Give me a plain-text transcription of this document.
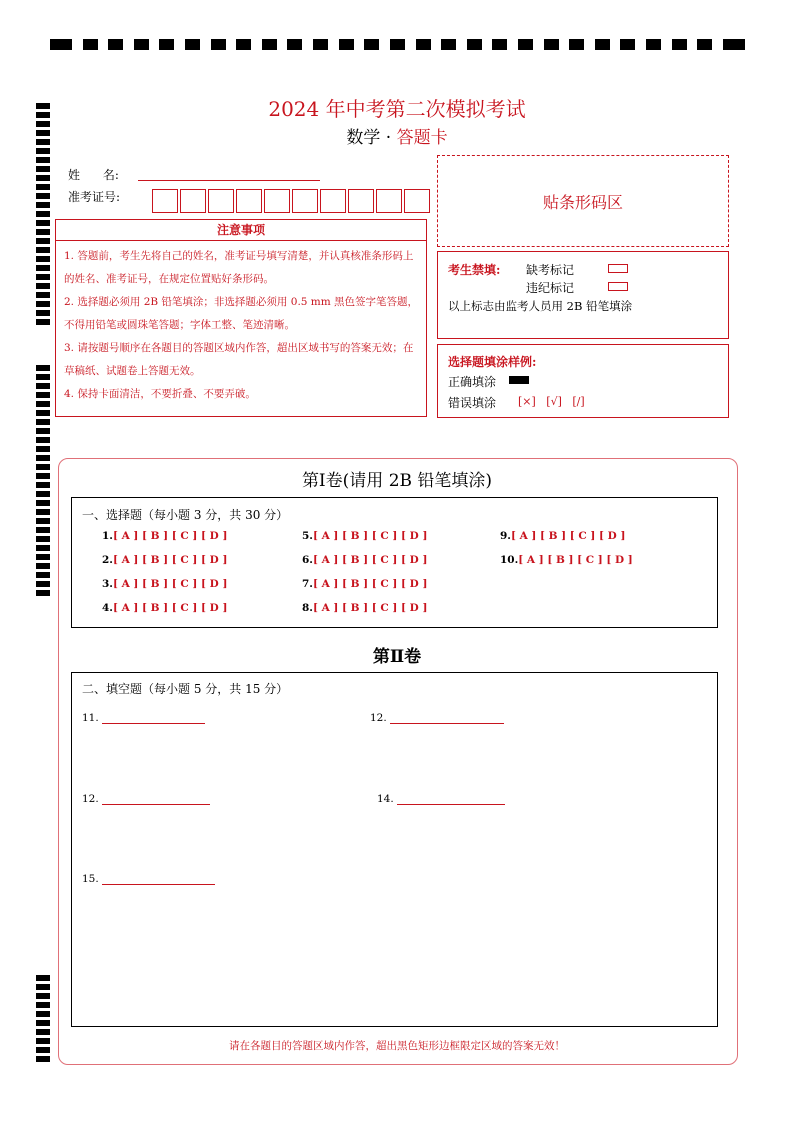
2024 年中考第二次模拟考试
数学 · 答题卡
姓      名:
准考证号:	贴条形码区
注意事项
1. 答题前，考生先将自己的姓名，准考证号填写清楚，并认真核准条形码上的姓名、准考证号，在规定位置贴好条形码。
2. 选择题必须用 2B 铅笔填涂；非选择题必须用 0.5 mm 黑色签字笔答题，不得用铅笔或圆珠笔答题；字体工整、笔迹清晰。
3. 请按题号顺序在各题目的答题区域内作答，超出区域书写的答案无效；在草稿纸、试题卷上答题无效。
4. 保持卡面清洁，不要折叠、不要弄破。
考生禁填: 缺考标记
违纪标记
以上标志由监考人员用 2B 铅笔填涂
选择题填涂样例:
正确填涂
错误填涂 [×]   [√]   [/]
第Ⅰ卷(请用 2B 铅笔填涂)
一、选择题（每小题 3 分，共 30 分）
1.[ A ] [ B ] [ C ] [ D ]
2.[ A ] [ B ] [ C ] [ D ]
3.[ A ] [ B ] [ C ] [ D ]
4.[ A ] [ B ] [ C ] [ D ]
5.[ A ] [ B ] [ C ] [ D ]
6.[ A ] [ B ] [ C ] [ D ]
7.[ A ] [ B ] [ C ] [ D ]
8.[ A ] [ B ] [ C ] [ D ]
9.[ A ] [ B ] [ C ] [ D ]
10.[ A ] [ B ] [ C ] [ D ]
第Ⅱ卷
二、填空题（每小题 5 分，共 15 分）
11.	12.
12.	14.
15.
请在各题目的答题区域内作答，超出黑色矩形边框限定区域的答案无效！
